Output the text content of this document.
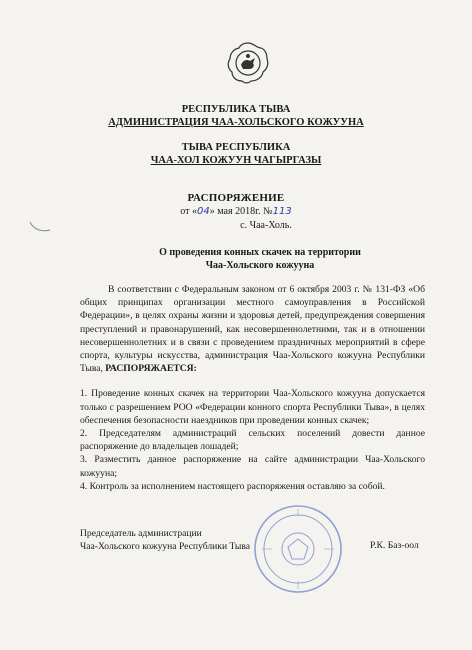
РЕСПУБЛИКА ТЫВА
АДМИНИСТРАЦИЯ ЧАА-ХОЛЬСКОГО КОЖУУНА
ТЫВА РЕСПУБЛИКА
ЧАА-ХОЛ КОЖУУН ЧАГЫРГАЗЫ
РАСПОРЯЖЕНИЕ
от «04» мая 2018г. №113
с. Чаа-Холь.
О проведения конных скачек на территории
Чаа-Хольского кожууна

В соответствии с Федеральным законом от 6 октября 2003 г. № 131-ФЗ «Об общих принципах организации местного самоуправления в Российской Федерации», в целях охраны жизни и здоровья детей, предупреждения совершения преступлений и правонарушений, как несовершеннолетними, так и в отношении несовершеннолетних и в связи с проведением праздничных мероприятий в сфере спорта, культуры искусства, администрация Чаа-Хольского кожууна Республики Тыва, РАСПОРЯЖАЕТСЯ:

1. Проведение конных скачек на территории Чаа-Хольского кожууна допускается только с разрешением РОО «Федерации конного спорта Республики Тыва», в целях обеспечения безопасности наездников при проведении конных скачек;

2. Председателям администраций сельских поселений довести данное распоряжение до владельцев лошадей;

3. Разместить данное распоряжение на сайте администрации Чаа-Хольского кожууна;

4. Контроль за исполнением настоящего распоряжения оставляю за собой.

Председатель администрации
Чаа-Хольского кожууна Республики Тыва	Р.К. Баз-оол
